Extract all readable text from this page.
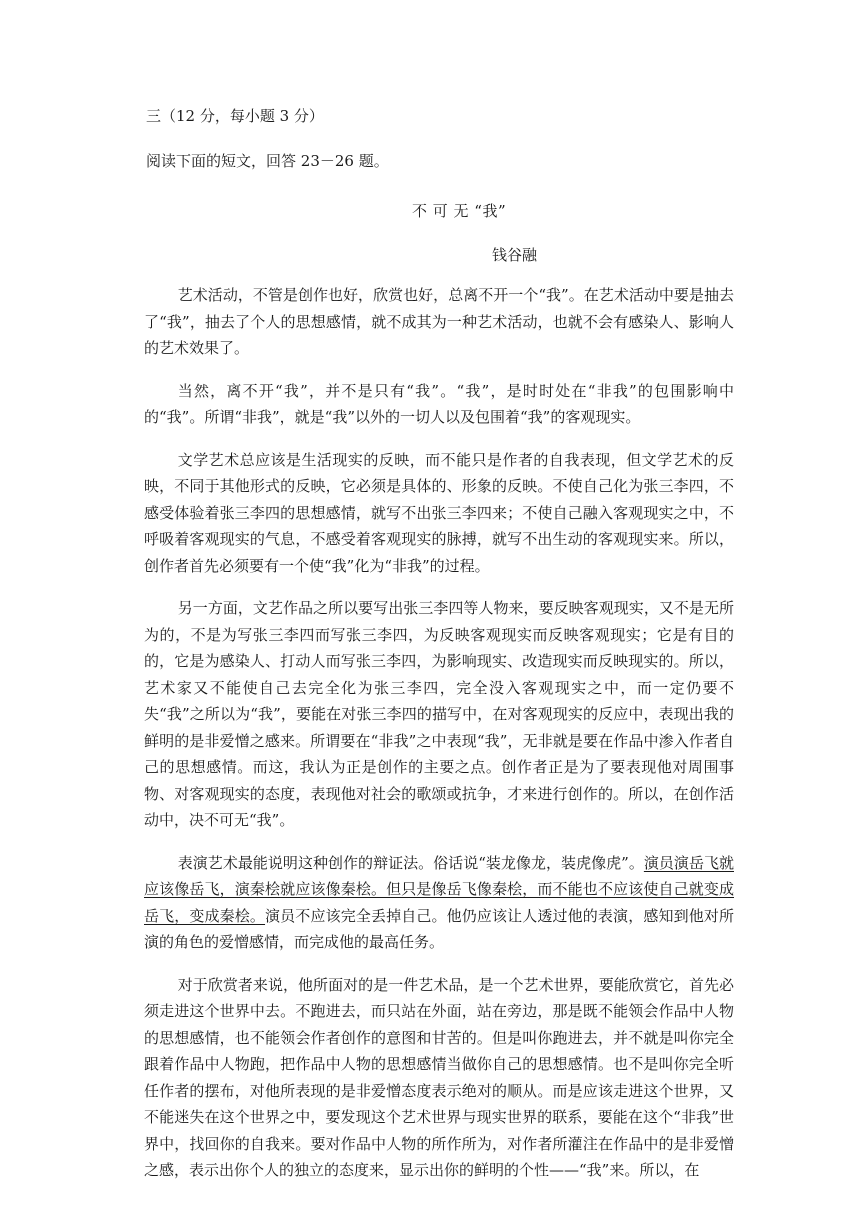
三（12 分，每小题 3 分）
阅读下面的短文，回答 23－26 题。
不 可 无 “我”
钱谷融

艺术活动，不管是创作也好，欣赏也好，总离不开一个“我”。在艺术活动中要是抽去了“我”，抽去了个人的思想感情，就不成其为一种艺术活动，也就不会有感染人、影响人的艺术效果了。

当然，离不开“我”，并不是只有“我”。“我”，是时时处在“非我”的包围影响中的“我”。所谓“非我”，就是“我”以外的一切人以及包围着“我”的客观现实。

文学艺术总应该是生活现实的反映，而不能只是作者的自我表现，但文学艺术的反映，不同于其他形式的反映，它必须是具体的、形象的反映。不使自己化为张三李四，不感受体验着张三李四的思想感情，就写不出张三李四来；不使自己融入客观现实之中，不呼吸着客观现实的气息，不感受着客观现实的脉搏，就写不出生动的客观现实来。所以，创作者首先必须要有一个使“我”化为“非我”的过程。

另一方面，文艺作品之所以要写出张三李四等人物来，要反映客观现实，又不是无所为的，不是为写张三李四而写张三李四，为反映客观现实而反映客观现实；它是有目的的，它是为感染人、打动人而写张三李四，为影响现实、改造现实而反映现实的。所以，艺术家又不能使自己去完全化为张三李四，完全没入客观现实之中，而一定仍要不失“我”之所以为“我”，要能在对张三李四的描写中，在对客观现实的反应中，表现出我的鲜明的是非爱憎之感来。所谓要在“非我”之中表现“我”，无非就是要在作品中渗入作者自己的思想感情。而这，我认为正是创作的主要之点。创作者正是为了要表现他对周围事物、对客观现实的态度，表现他对社会的歌颂或抗争，才来进行创作的。所以，在创作活动中，决不可无“我”。

表演艺术最能说明这种创作的辩证法。俗话说“装龙像龙，装虎像虎”。演员演岳飞就应该像岳飞，演秦桧就应该像秦桧。但只是像岳飞像秦桧，而不能也不应该使自己就变成岳飞，变成秦桧。演员不应该完全丢掉自己。他仍应该让人透过他的表演，感知到他对所演的角色的爱憎感情，而完成他的最高任务。

对于欣赏者来说，他所面对的是一件艺术品，是一个艺术世界，要能欣赏它，首先必须走进这个世界中去。不跑进去，而只站在外面，站在旁边，那是既不能领会作品中人物的思想感情，也不能领会作者创作的意图和甘苦的。但是叫你跑进去，并不就是叫你完全跟着作品中人物跑，把作品中人物的思想感情当做你自己的思想感情。也不是叫你完全听任作者的摆布，对他所表现的是非爱憎态度表示绝对的顺从。而是应该走进这个世界，又不能迷失在这个世界之中，要发现这个艺术世界与现实世界的联系，要能在这个“非我”世界中，找回你的自我来。要对作品中人物的所作所为，对作者所灌注在作品中的是非爱憎之感，表示出你个人的独立的态度来，显示出你的鲜明的个性——“我”来。所以，在
